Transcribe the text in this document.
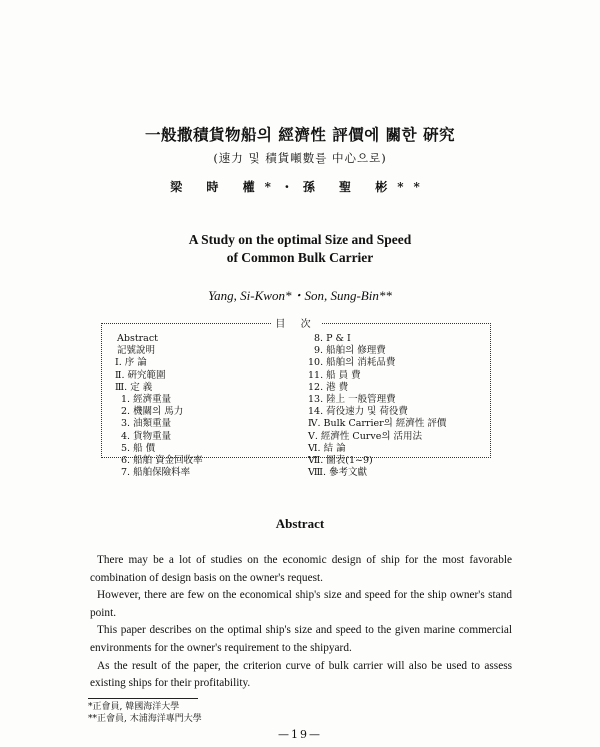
一般撒積貨物船의 經濟性 評價에 關한 硏究
(速力 및 積貨噸數를 中心으로)
梁 時 權*・孫 聖 彬**
A Study on the optimal Size and Speed
of Common Bulk Carrier
Yang, Si-Kwon*・Son, Sung-Bin**
目 次
Abstract
記號說明
Ⅰ. 序 論
Ⅱ. 硏究範圍
Ⅲ. 定 義
1. 經濟重量
2. 機關의 馬力
3. 油類重量
4. 貨物重量
5. 船 價
6. 船舶 資金回收率
7. 船舶保險料率
8. P & I
9. 船舶의 修理費
10. 船舶의 消耗品費
11. 船 員 費
12. 港 費
13. 陸上 一般管理費
14. 荷役速力 및 荷役費
Ⅳ. Bulk Carrier의 經濟性 評價
Ⅴ. 經濟性 Curve의 活用法
Ⅵ. 結 論
Ⅶ. 圖表(1~9)
Ⅷ. 參考文獻
Abstract

There may be a lot of studies on the economic design of ship for the most favorable combination of design basis on the owner's request.

However, there are few on the economical ship's size and speed for the ship owner's stand point.

This paper describes on the optimal ship's size and speed to the given marine commercial environments for the owner's requirement to the shipyard.

As the result of the paper, the criterion curve of bulk carrier will also be used to assess existing ships for their profitability.

*正會員, 韓國海洋大學
**正會員, 木浦海洋專門大學
—19—
